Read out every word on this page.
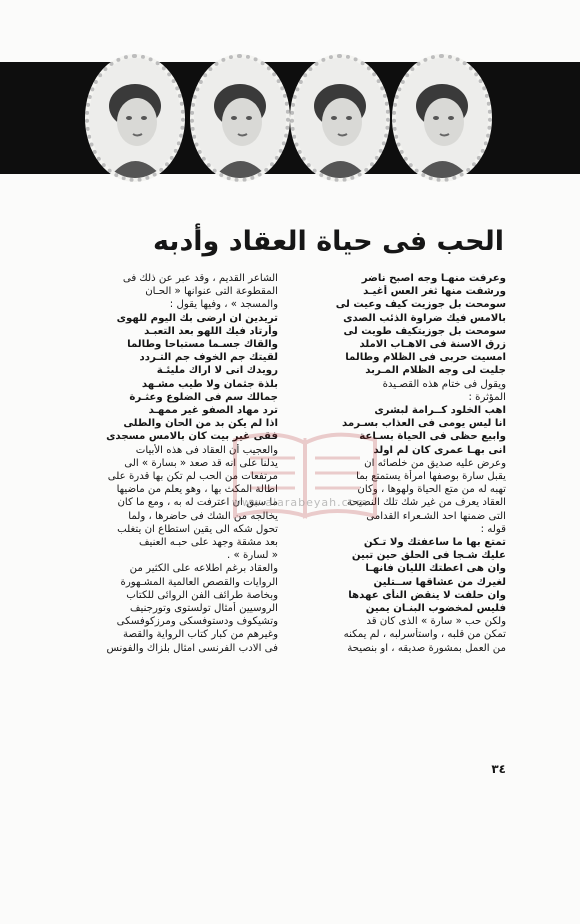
الحب فى حياة العقاد وأدبه
وعرفت منهـا وجه اصبح ناضر
ورشفت منها ثغر العس أغيـد
سومحت بل جوزيت كيف وعيت لى
بالامس فيك ضراوة الذئب الصدى
سومحت بل جوزيتكيف طويت لى
زرق الاسنة فى الاهـاب الاملد
امسيت حربى فى الظلام وطالما
جليت لى وجه الظلام المـربد
ويقول فى ختام هذه القصـيدة
المؤثرة :
اهب الخلود كــرامة لبشرى
انا ليس يومى فى العذاب بسـرمد
وابيع حظى فى الحياة بسـاعة
انى بهـا عمرى كان لم اولد
وعرض عليه صديق من خلصائه ان
يقبل سارة بوصفها امرأة يستمتع بما
تهبه له من متع الحياة ولهوها ، وكان
العقاد يعرف من غير شك تلك النصيحة
التى ضمنها احد الشـعراء القدامى
قوله :
تمتع بها ما ساعفتك ولا تـكن
عليك شـجا فى الحلق حين تبين
وان هى اعطتك الليان فانهـا
لغيرك من عشاقها ســتلين
وان حلفت لا ينقض النأى عهدها
فليس لمخضوب البنـان يمين
ولكن حب « سارة » الذى كان قد
تمكن من قلبه ، واستأسرلبه ، لم يمكنه
من العمل بمشورة صديقه ، او بنصيحة
الشاعر القديم ، وقد عبر عن ذلك فى
المقطوعة التى عنوانها « الحـان
والمسجد » ، وفيها يقول :
تريدين ان ارضى بك اليوم للهوى
وأرتاد فيك اللهو بعد التعبـد
والقاك جسـما مستباحا وطالما
لقيتك جم الخوف جم التـردد
رويدك انى لا اراك مليئـة
بلذة جثمان ولا طيب مشـهد
جمالك سم فى الضلوع وعثـرة
ترد مهاد الصفو غير ممهـد
اذا لم يكن بد من الحان والطلى
فقى غير بيت كان بالامس مسجدى
والعجيب أن العقاد فى هذه الأبيات
يدلنا على انه قد صعد « بسارة » الى
مرتفعات من الحب لم تكن بها قدرة على
اطالة المكث بها ، وهو يعلم من ماضيها
ما سبق ان اعترفت له به ، ومع ما كان
يخالجه من الشك فى حاضرها ، ولما
تحول شكه الى يقين استطاع ان يتغلب
بعد مشقة وجهد على حبـه العنيف
« لسارة » .
والعقاد برغم اطلاعه على الكثير من
الروايات والقصص العالمية المشـهورة
وبخاصة طرائف الفن الروائى للكتاب
الروسيين أمثال تولستوى وتورجنيف
وتشيكوف ودستوفسكى ومرزكوفسكى
وغيرهم من كبار كتاب الرواية والقصة
فى الادب الفرنسى امثال بلزاك والفونس
www.alarabeyah.com
٣٤
